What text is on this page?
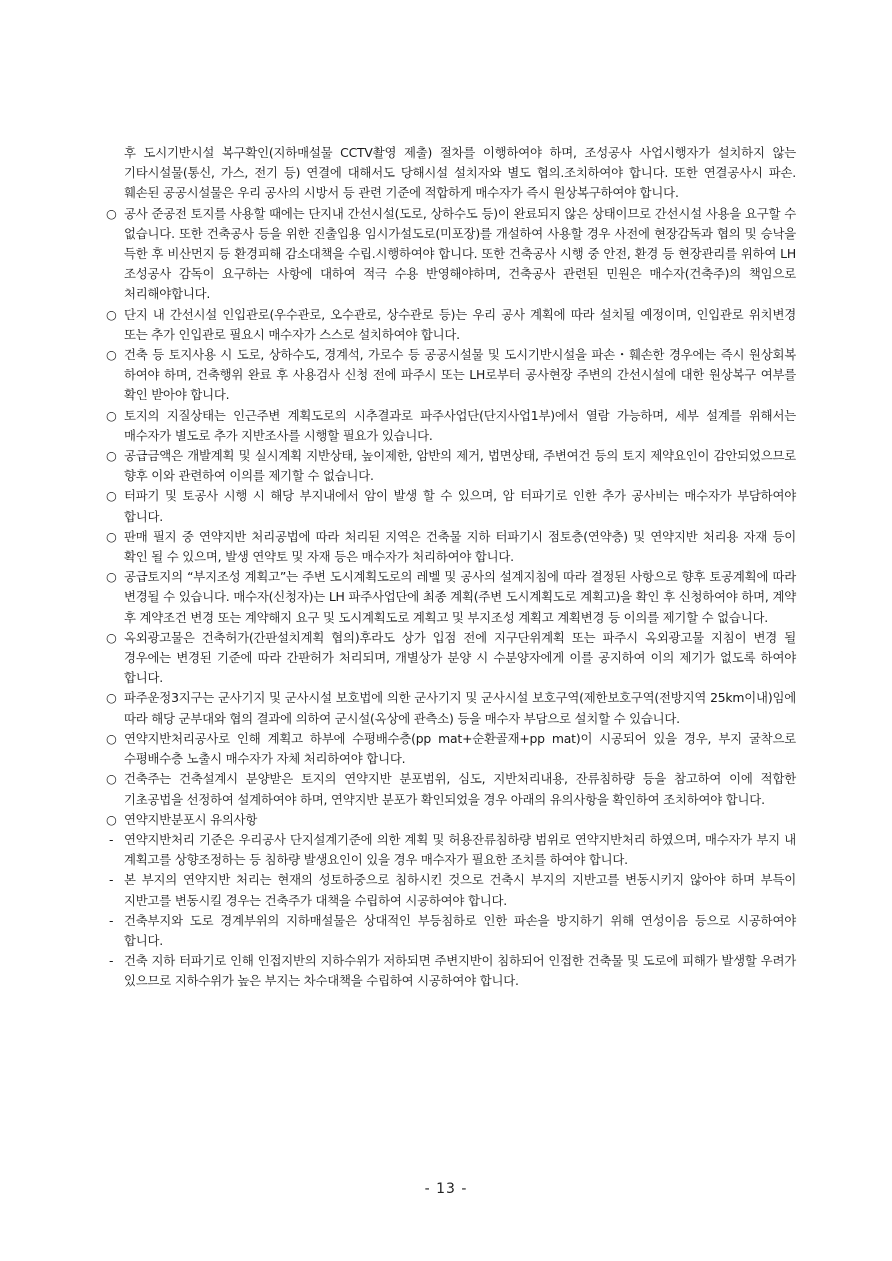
후 도시기반시설 복구확인(지하매설물 CCTV촬영 제출) 절차를 이행하여야 하며, 조성공사 사업시행자가 설치하지 않는 기타시설물(통신, 가스, 전기 등) 연결에 대해서도 당해시설 설치자와 별도 협의.조치하여야 합니다. 또한 연결공사시 파손.훼손된 공공시설물은 우리 공사의 시방서 등 관련 기준에 적합하게 매수자가 즉시 원상복구하여야 합니다.
○ 공사 준공전 토지를 사용할 때에는 단지내 간선시설(도로, 상하수도 등)이 완료되지 않은 상태이므로 간선시설 사용을 요구할 수 없습니다. 또한 건축공사 등을 위한 진출입용 임시가설도로(미포장)를 개설하여 사용할 경우 사전에 현장감독과 협의 및 승낙을 득한 후 비산먼지 등 환경피해 감소대책을 수립.시행하여야 합니다. 또한 건축공사 시행 중 안전, 환경 등 현장관리를 위하여 LH 조성공사 감독이 요구하는 사항에 대하여 적극 수용 반영해야하며, 건축공사 관련된 민원은 매수자(건축주)의 책임으로 처리해야합니다.
○ 단지 내 간선시설 인입관로(우수관로, 오수관로, 상수관로 등)는 우리 공사 계획에 따라 설치될 예정이며, 인입관로 위치변경 또는 추가 인입관로 필요시 매수자가 스스로 설치하여야 합니다.
○ 건축 등 토지사용 시 도로, 상하수도, 경계석, 가로수 등 공공시설물 및 도시기반시설을 파손・훼손한 경우에는 즉시 원상회복 하여야 하며, 건축행위 완료 후 사용검사 신청 전에 파주시 또는 LH로부터 공사현장 주변의 간선시설에 대한 원상복구 여부를 확인 받아야 합니다.
○ 토지의 지질상태는 인근주변 계획도로의 시추결과로 파주사업단(단지사업1부)에서 열람 가능하며, 세부 설계를 위해서는 매수자가 별도로 추가 지반조사를 시행할 필요가 있습니다.
○ 공급금액은 개발계획 및 실시계획 지반상태, 높이제한, 암반의 제거, 법면상태, 주변여건 등의 토지 제약요인이 감안되었으므로 향후 이와 관련하여 이의를 제기할 수 없습니다.
○ 터파기 및 토공사 시행 시 해당 부지내에서 암이 발생 할 수 있으며, 암 터파기로 인한 추가 공사비는 매수자가 부담하여야 합니다.
○ 판매 필지 중 연약지반 처리공법에 따라 처리된 지역은 건축물 지하 터파기시 점토층(연약층) 및 연약지반 처리용 자재 등이 확인 될 수 있으며, 발생 연약토 및 자재 등은 매수자가 처리하여야 합니다.
○ 공급토지의 “부지조성 계획고”는 주변 도시계획도로의 레벨 및 공사의 설계지침에 따라 결정된 사항으로 향후 토공계획에 따라 변경될 수 있습니다. 매수자(신청자)는 LH 파주사업단에 최종 계획(주변 도시계획도로 계획고)을 확인 후 신청하여야 하며, 계약 후 계약조건 변경 또는 계약해지 요구 및 도시계획도로 계획고 및 부지조성 계획고 계획변경 등 이의를 제기할 수 없습니다.
○ 옥외광고물은 건축허가(간판설치계획 협의)후라도 상가 입점 전에 지구단위계획 또는 파주시 옥외광고물 지침이 변경 될 경우에는 변경된 기준에 따라 간판허가 처리되며, 개별상가 분양 시 수분양자에게 이를 공지하여 이의 제기가 없도록 하여야 합니다.
○ 파주운정3지구는 군사기지 및 군사시설 보호법에 의한 군사기지 및 군사시설 보호구역(제한보호구역(전방지역 25km이내)임에 따라 해당 군부대와 협의 결과에 의하여 군시설(옥상에 관측소) 등을 매수자 부담으로 설치할 수 있습니다.
○ 연약지반처리공사로 인해 계획고 하부에 수평배수층(pp mat+순환골재+pp mat)이 시공되어 있을 경우, 부지 굴착으로 수평배수층 노출시 매수자가 자체 처리하여야 합니다.
○ 건축주는 건축설계시 분양받은 토지의 연약지반 분포범위, 심도, 지반처리내용, 잔류침하량 등을 참고하여 이에 적합한 기초공법을 선정하여 설계하여야 하며, 연약지반 분포가 확인되었을 경우 아래의 유의사항을 확인하여 조치하여야 합니다.
○ 연약지반분포시 유의사항
- 연약지반처리 기준은 우리공사 단지설계기준에 의한 계획 및 허용잔류침하량 범위로 연약지반처리 하였으며, 매수자가 부지 내 계획고를 상향조정하는 등 침하량 발생요인이 있을 경우 매수자가 필요한 조치를 하여야 합니다.
- 본 부지의 연약지반 처리는 현재의 성토하중으로 침하시킨 것으로 건축시 부지의 지반고를 변동시키지 않아야 하며 부득이 지반고를 변동시킬 경우는 건축주가 대책을 수립하여 시공하여야 합니다.
- 건축부지와 도로 경계부위의 지하매설물은 상대적인 부등침하로 인한 파손을 방지하기 위해 연성이음 등으로 시공하여야 합니다.
- 건축 지하 터파기로 인해 인접지반의 지하수위가 저하되면 주변지반이 침하되어 인접한 건축물 및 도로에 피해가 발생할 우려가 있으므로 지하수위가 높은 부지는 차수대책을 수립하여 시공하여야 합니다.
- 13 -
